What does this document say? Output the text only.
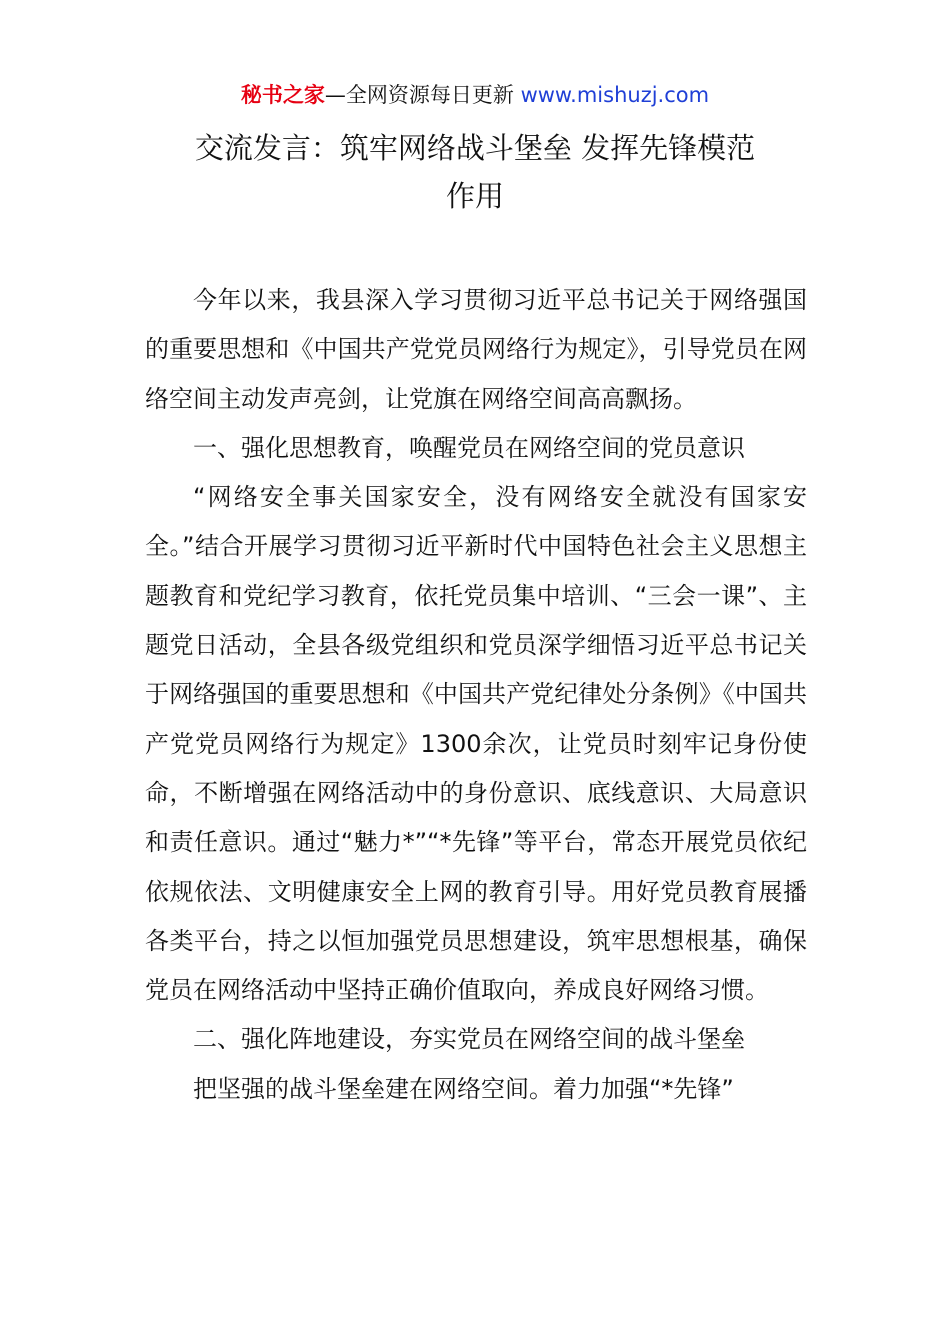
秘书之家—全网资源每日更新 www.mishuzj.com
交流发言：筑牢网络战斗堡垒 发挥先锋模范
作用

今年以来，我县深入学习贯彻习近平总书记关于网络强国的重要思想和《中国共产党党员网络行为规定》，引导党员在网络空间主动发声亮剑，让党旗在网络空间高高飘扬。

一、强化思想教育，唤醒党员在网络空间的党员意识

“网络安全事关国家安全，没有网络安全就没有国家安全。”结合开展学习贯彻习近平新时代中国特色社会主义思想主题教育和党纪学习教育，依托党员集中培训、“三会一课”、主题党日活动，全县各级党组织和党员深学细悟习近平总书记关于网络强国的重要思想和《中国共产党纪律处分条例》《中国共产党党员网络行为规定》1300余次，让党员时刻牢记身份使命，不断增强在网络活动中的身份意识、底线意识、大局意识和责任意识。通过“魅力*”“*先锋”等平台，常态开展党员依纪依规依法、文明健康安全上网的教育引导。用好党员教育展播各类平台，持之以恒加强党员思想建设，筑牢思想根基，确保党员在网络活动中坚持正确价值取向，养成良好网络习惯。

二、强化阵地建设，夯实党员在网络空间的战斗堡垒

把坚强的战斗堡垒建在网络空间。着力加强“*先锋”
